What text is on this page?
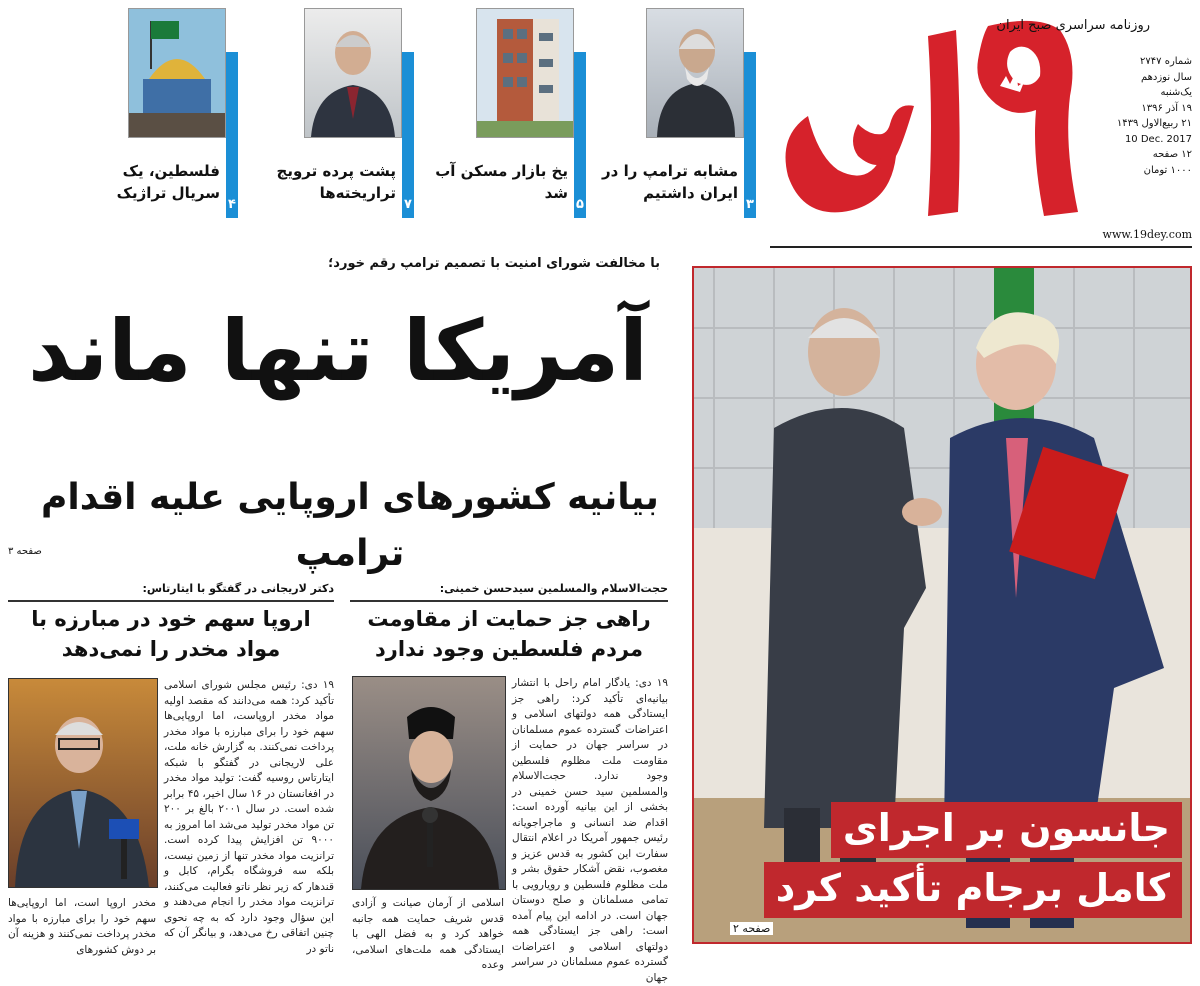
۳
مشابه ترامپ را در ایران داشتیم
۵
یخ بازار مسکن آب شد
۷
پشت پرده ترویج تراریخته‌ها
۴
فلسطین، یک سریال تراژیک
روزنامه سراسری صبح ایران
شماره ۲۷۴۷
سال نوزدهم
یک‌شنبه
۱۹ آذر ۱۳۹۶
۲۱ ربیع‌الاول ۱۴۳۹
10 Dec. 2017
۱۲ صفحه
۱۰۰۰ تومان
www.19dey.com
با مخالفت شورای امنیت با تصمیم ترامپ رقم خورد؛
آمریکا تنها ماند
بیانیه کشورهای اروپایی علیه اقدام ترامپ
صفحه ۳
حجت‌الاسلام والمسلمین سیدحسن خمینی:
راهی جز حمایت از مقاومت مردم فلسطین وجود ندارد

۱۹ دی: یادگار امام راحل با انتشار بیانیه‌ای تأکید کرد: راهی جز ایستادگی همه دولتهای اسلامی و اعتراضات گسترده عموم مسلمانان در سراسر جهان در حمایت از مقاومت ملت مظلوم فلسطین وجود ندارد. حجت‌الاسلام والمسلمین سید حسن خمینی در بخشی از این بیانیه آورده است: اقدام ضد انسانی و ماجراجویانه رئیس جمهور آمریکا در اعلام انتقال سفارت این کشور به قدس عزیز و مغصوب، نقض آشکار حقوق بشر و ملت مظلوم فلسطین و رویارویی با تمامی مسلمانان و صلح دوستان جهان است. در ادامه این پیام آمده است: راهی جز ایستادگی همه دولتهای اسلامی و اعتراضات گسترده عموم مسلمانان در سراسر جهان

اسلامی از آرمان صیانت و آزادی قدس شریف حمایت همه جانبه خواهد کرد و به فضل الهی با ایستادگی همه ملت‌های اسلامی، وعده

دکتر لاریجانی در گفتگو با ایتارتاس:
اروپا سهم خود در مبارزه با مواد مخدر را نمی‌دهد

۱۹ دی: رئیس مجلس شورای اسلامی تأکید کرد: همه می‌دانند که مقصد اولیه مواد مخدر اروپاست، اما اروپایی‌ها سهم خود را برای مبارزه با مواد مخدر پرداخت نمی‌کنند. به گزارش خانه ملت، علی لاریجانی در گفتگو با شبکه ایتارتاس روسیه گفت: تولید مواد مخدر در افغانستان در ۱۶ سال اخیر، ۴۵ برابر شده است. در سال ۲۰۰۱ بالغ بر ۲۰۰ تن مواد مخدر تولید می‌شد اما امروز به ۹۰۰۰ تن افزایش پیدا کرده است. ترانزیت مواد مخدر تنها از زمین نیست، بلکه سه فروشگاه بگرام، کابل و قندهار که زیر نظر ناتو فعالیت می‌کنند، ترانزیت مواد مخدر را انجام می‌دهند و این سؤال وجود دارد که به چه نحوی چنین اتفاقی رخ می‌دهد، و بیانگر آن که ناتو در

مخدر اروپا است، اما اروپایی‌ها سهم خود را برای مبارزه با مواد مخدر پرداخت نمی‌کنند و هزینه آن بر دوش کشورهای

جانسون بر اجرای
کامل برجام تأکید کرد
صفحه ۲
